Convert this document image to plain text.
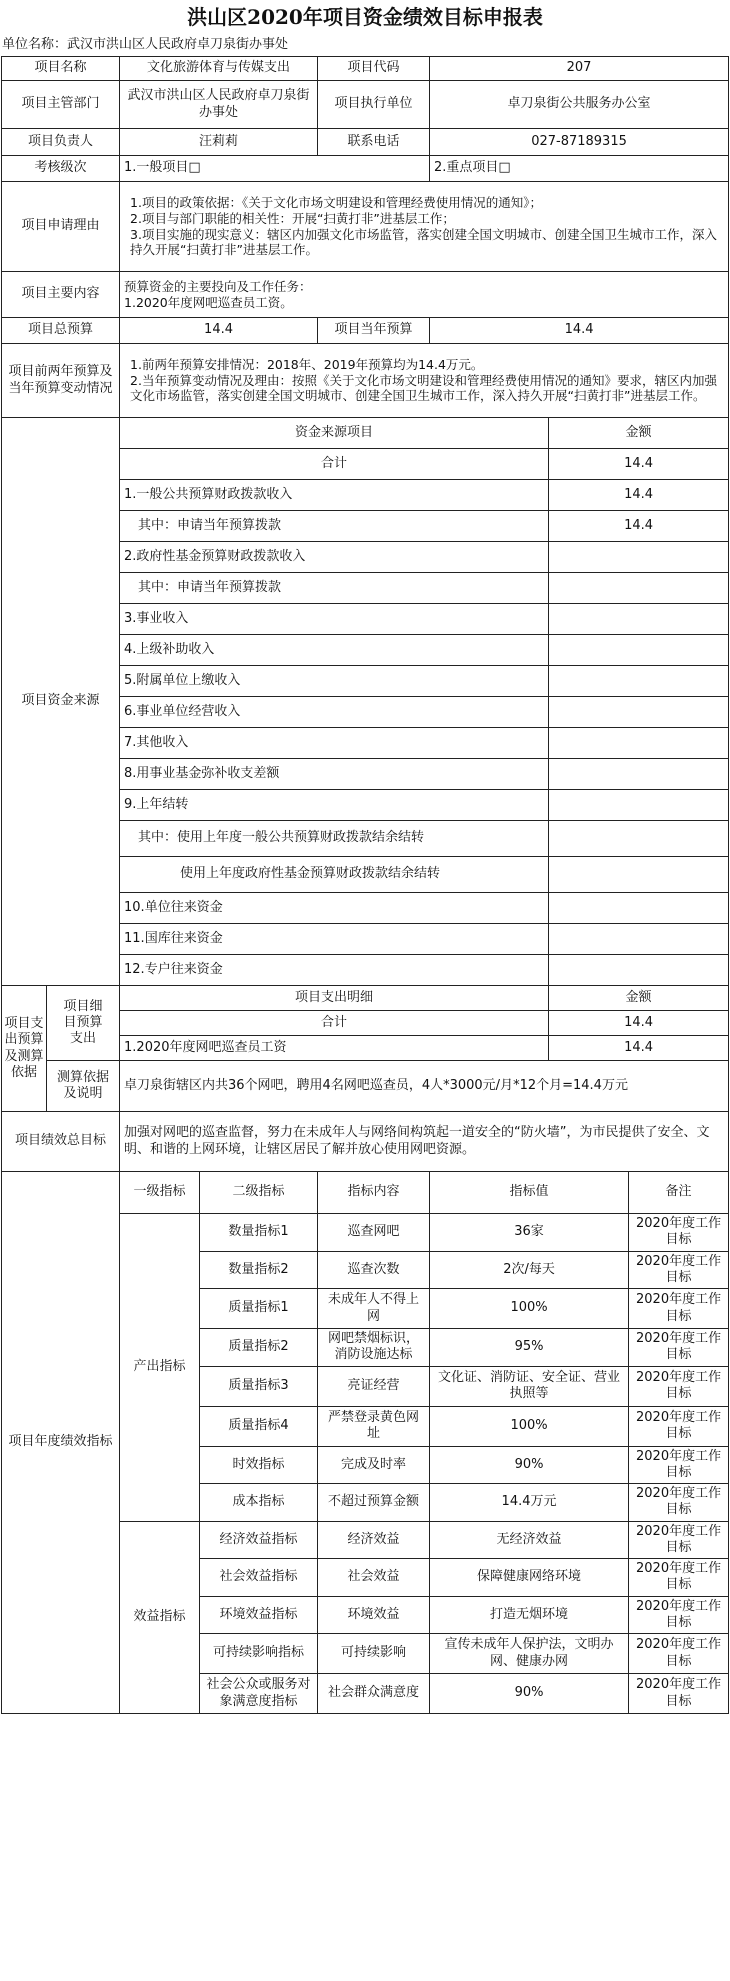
洪山区2020年项目资金绩效目标申报表
单位名称：武汉市洪山区人民政府卓刀泉街办事处
项目名称		文化旅游体育与传媒支出		项目代码	207		
项目主管部门		武汉市洪山区人民政府卓刀泉街办事处		项目执行单位	卓刀泉街公共服务办公室		
项目负责人		汪莉莉		联系电话	027-87189315		
考核级次		1.一般项目□			2.重点项目□		
项目申请理由		1.项目的政策依据：《关于文化市场文明建设和管理经费使用情况的通知》；
2.项目与部门职能的相关性：开展“扫黄打非”进基层工作；
3.项目实施的现实意义：辖区内加强文化市场监管，落实创建全国文明城市、创建全国卫生城市工作，深入持久开展“扫黄打非”进基层工作。					

项目主要内容		预算资金的主要投向及工作任务：
1.2020年度网吧巡查员工资。					

项目总预算		14.4		项目当年预算	14.4		
项目前两年预算及当年预算变动情况		1.前两年预算安排情况：2018年、2019年预算均为14.4万元。
2.当年预算变动情况及理由：按照《关于文化市场文明建设和管理经费使用情况的通知》要求，辖区内加强文化市场监管，落实创建全国文明城市、创建全国卫生城市工作，深入持久开展“扫黄打非”进基层工作。					

项目资金来源		资金来源项目				金额	
		合计				14.4	
		1.一般公共预算财政拨款收入				14.4	
		其中：申请当年预算拨款				14.4	
		2.政府性基金预算财政拨款收入					
		其中：申请当年预算拨款					
		3.事业收入					
		4.上级补助收入					
		5.附属单位上缴收入					
		6.事业单位经营收入					
		7.其他收入					
		8.用事业基金弥补收支差额					
		9.上年结转					
		其中：使用上年度一般公共预算财政拨款结余结转					
		使用上年度政府性基金预算财政拨款结余结转					
		10.单位往来资金					
		11.国库往来资金					
		12.专户往来资金					
项目支出预算及测算依据	项目细目预算支出	项目支出明细				金额	
		合计				14.4	
		1.2020年度网吧巡查员工资				14.4	
	测算依据及说明	卓刀泉街辖区内共36个网吧，聘用4名网吧巡查员，4人*3000元/月*12个月=14.4万元					
项目绩效总目标		加强对网吧的巡查监督，努力在未成年人与网络间构筑起一道安全的“防火墙”，为市民提供了安全、文明、和谐的上网环境，让辖区居民了解并放心使用网吧资源。					
项目年度绩效指标		一级指标	二级指标	指标内容	指标值		备注
		产出指标	数量指标1	巡查网吧	36家		2020年度工作目标
			数量指标2	巡查次数	2次/每天		2020年度工作目标
			质量指标1	未成年人不得上网	100%		2020年度工作目标
			质量指标2	网吧禁烟标识，消防设施达标	95%		2020年度工作目标
			质量指标3	亮证经营	文化证、消防证、安全证、营业执照等		2020年度工作目标
			质量指标4	严禁登录黄色网址	100%		2020年度工作目标
			时效指标	完成及时率	90%		2020年度工作目标
			成本指标	不超过预算金额	14.4万元		2020年度工作目标
		效益指标	经济效益指标	经济效益	无经济效益		2020年度工作目标
			社会效益指标	社会效益	保障健康网络环境		2020年度工作目标
			环境效益指标	环境效益	打造无烟环境		2020年度工作目标
			可持续影响指标	可持续影响	宣传未成年人保护法，文明办网、健康办网		2020年度工作目标
			社会公众或服务对象满意度指标	社会群众满意度	90%		2020年度工作目标
